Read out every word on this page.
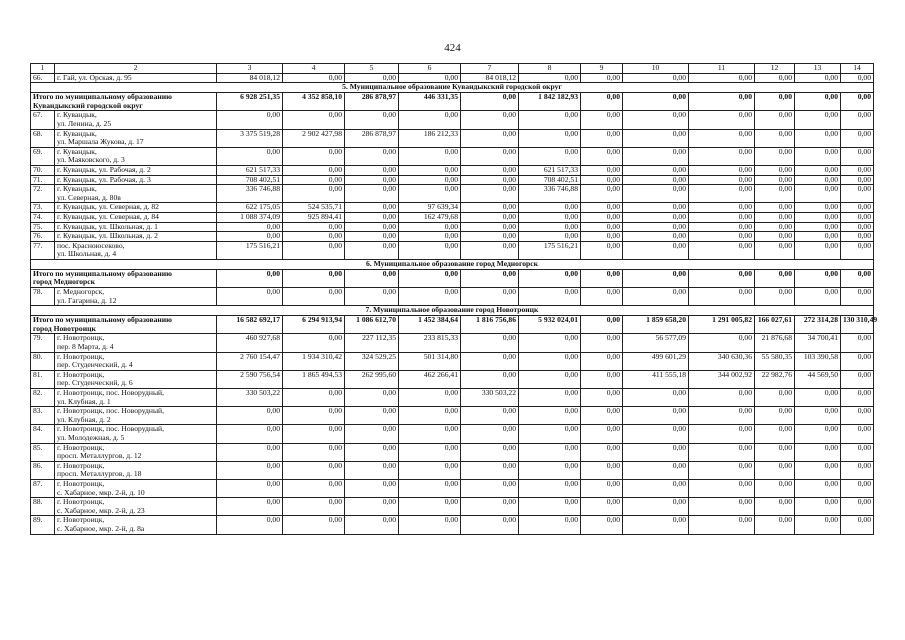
424
1	2	3	4	5	6	7	8	9	10	11	12	13	14
66.	г. Гай, ул. Орская, д. 95	84 018,12	0,00	0,00	0,00	84 018,12	0,00	0,00	0,00	0,00	0,00	0,00	0,00
5. Муниципальное образование Кувандыкский городской округ													

Итого по муниципальному образованию
Кувандыкский городской округ		6 928 251,35	4 352 858,10	286 878,97	446 331,35	0,00	1 842 182,93	0,00	0,00	0,00	0,00	0,00	0,00
67.	г. Кувандык,
ул. Ленина, д. 25	0,00	0,00	0,00	0,00	0,00	0,00	0,00	0,00	0,00	0,00	0,00	0,00
68.	г. Кувандык,
ул. Маршала Жукова, д. 17	3 375 519,28	2 902 427,98	286 878,97	186 212,33	0,00	0,00	0,00	0,00	0,00	0,00	0,00	0,00
69.	г. Кувандык,
ул. Маяковского, д. 3	0,00	0,00	0,00	0,00	0,00	0,00	0,00	0,00	0,00	0,00	0,00	0,00
70.	г. Кувандык, ул. Рабочая, д. 2	621 517,33	0,00	0,00	0,00	0,00	621 517,33	0,00	0,00	0,00	0,00	0,00	0,00
71.	г. Кувандык, ул. Рабочая, д. 3	708 402,51	0,00	0,00	0,00	0,00	708 402,51	0,00	0,00	0,00	0,00	0,00	0,00
72.	г. Кувандык,
ул. Северная, д. 80в	336 746,88	0,00	0,00	0,00	0,00	336 746,88	0,00	0,00	0,00	0,00	0,00	0,00
73.	г. Кувандык, ул. Северная, д. 82	622 175,05	524 535,71	0,00	97 639,34	0,00	0,00	0,00	0,00	0,00	0,00	0,00	0,00
74.	г. Кувандык, ул. Северная, д. 84	1 088 374,09	925 894,41	0,00	162 479,68	0,00	0,00	0,00	0,00	0,00	0,00	0,00	0,00
75.	г. Кувандык, ул. Школьная, д. 1	0,00	0,00	0,00	0,00	0,00	0,00	0,00	0,00	0,00	0,00	0,00	0,00
76.	г. Кувандык, ул. Школьная, д. 2	0,00	0,00	0,00	0,00	0,00	0,00	0,00	0,00	0,00	0,00	0,00	0,00
77.	пос. Красноюсеково,
ул. Школьная, д. 4	175 516,21	0,00	0,00	0,00	0,00	175 516,21	0,00	0,00	0,00	0,00	0,00	0,00
6. Муниципальное образование город Медногорск													

Итого по муниципальному образованию
город Медногорск		0,00	0,00	0,00	0,00	0,00	0,00	0,00	0,00	0,00	0,00	0,00	0,00
78.	г. Медногорск,
ул. Гагарина, д. 12	0,00	0,00	0,00	0,00	0,00	0,00	0,00	0,00	0,00	0,00	0,00	0,00
7. Муниципальное образование город Новотроицк													

Итого по муниципальному образованию
город Новотроицк		16 582 692,17	6 294 913,94	1 086 612,70	1 452 384,64	1 816 756,86	5 932 024,01	0,00	1 859 658,20	1 291 005,82	166 027,61	272 314,28	130 310,49
79.	г. Новотроицк,
пер. 8 Марта, д. 4	460 927,68	0,00	227 112,35	233 815,33	0,00	0,00	0,00	56 577,09	0,00	21 876,68	34 700,41	0,00
80.	г. Новотроицк,
пер. Студенческий, д. 4	2 760 154,47	1 934 310,42	324 529,25	501 314,80	0,00	0,00	0,00	499 601,29	340 630,36	55 580,35	103 390,58	0,00
81.	г. Новотроицк,
пер. Студенческий, д. 6	2 590 756,54	1 865 494,53	262 995,60	462 266,41	0,00	0,00	0,00	411 555,18	344 002,92	22 982,76	44 569,50	0,00
82.	г. Новотроицк, пос. Новорудный,
ул. Клубная, д. 1	330 503,22	0,00	0,00	0,00	330 503,22	0,00	0,00	0,00	0,00	0,00	0,00	0,00
83.	г. Новотроицк, пос. Новорудный,
ул. Клубная, д. 2	0,00	0,00	0,00	0,00	0,00	0,00	0,00	0,00	0,00	0,00	0,00	0,00
84.	г. Новотроицк, пос. Новорудный,
ул. Молодежная, д. 5	0,00	0,00	0,00	0,00	0,00	0,00	0,00	0,00	0,00	0,00	0,00	0,00
85.	г. Новотроицк,
просп. Металлургов, д. 12	0,00	0,00	0,00	0,00	0,00	0,00	0,00	0,00	0,00	0,00	0,00	0,00
86.	г. Новотроицк,
просп. Металлургов, д. 18	0,00	0,00	0,00	0,00	0,00	0,00	0,00	0,00	0,00	0,00	0,00	0,00
87.	г. Новотроицк,
с. Хабарное, мкр. 2-й, д. 10	0,00	0,00	0,00	0,00	0,00	0,00	0,00	0,00	0,00	0,00	0,00	0,00
88.	г. Новотроицк,
с. Хабарное, мкр. 2-й, д. 23	0,00	0,00	0,00	0,00	0,00	0,00	0,00	0,00	0,00	0,00	0,00	0,00
89.	г. Новотроицк,
с. Хабарное, мкр. 2-й, д. 8а	0,00	0,00	0,00	0,00	0,00	0,00	0,00	0,00	0,00	0,00	0,00	0,00
